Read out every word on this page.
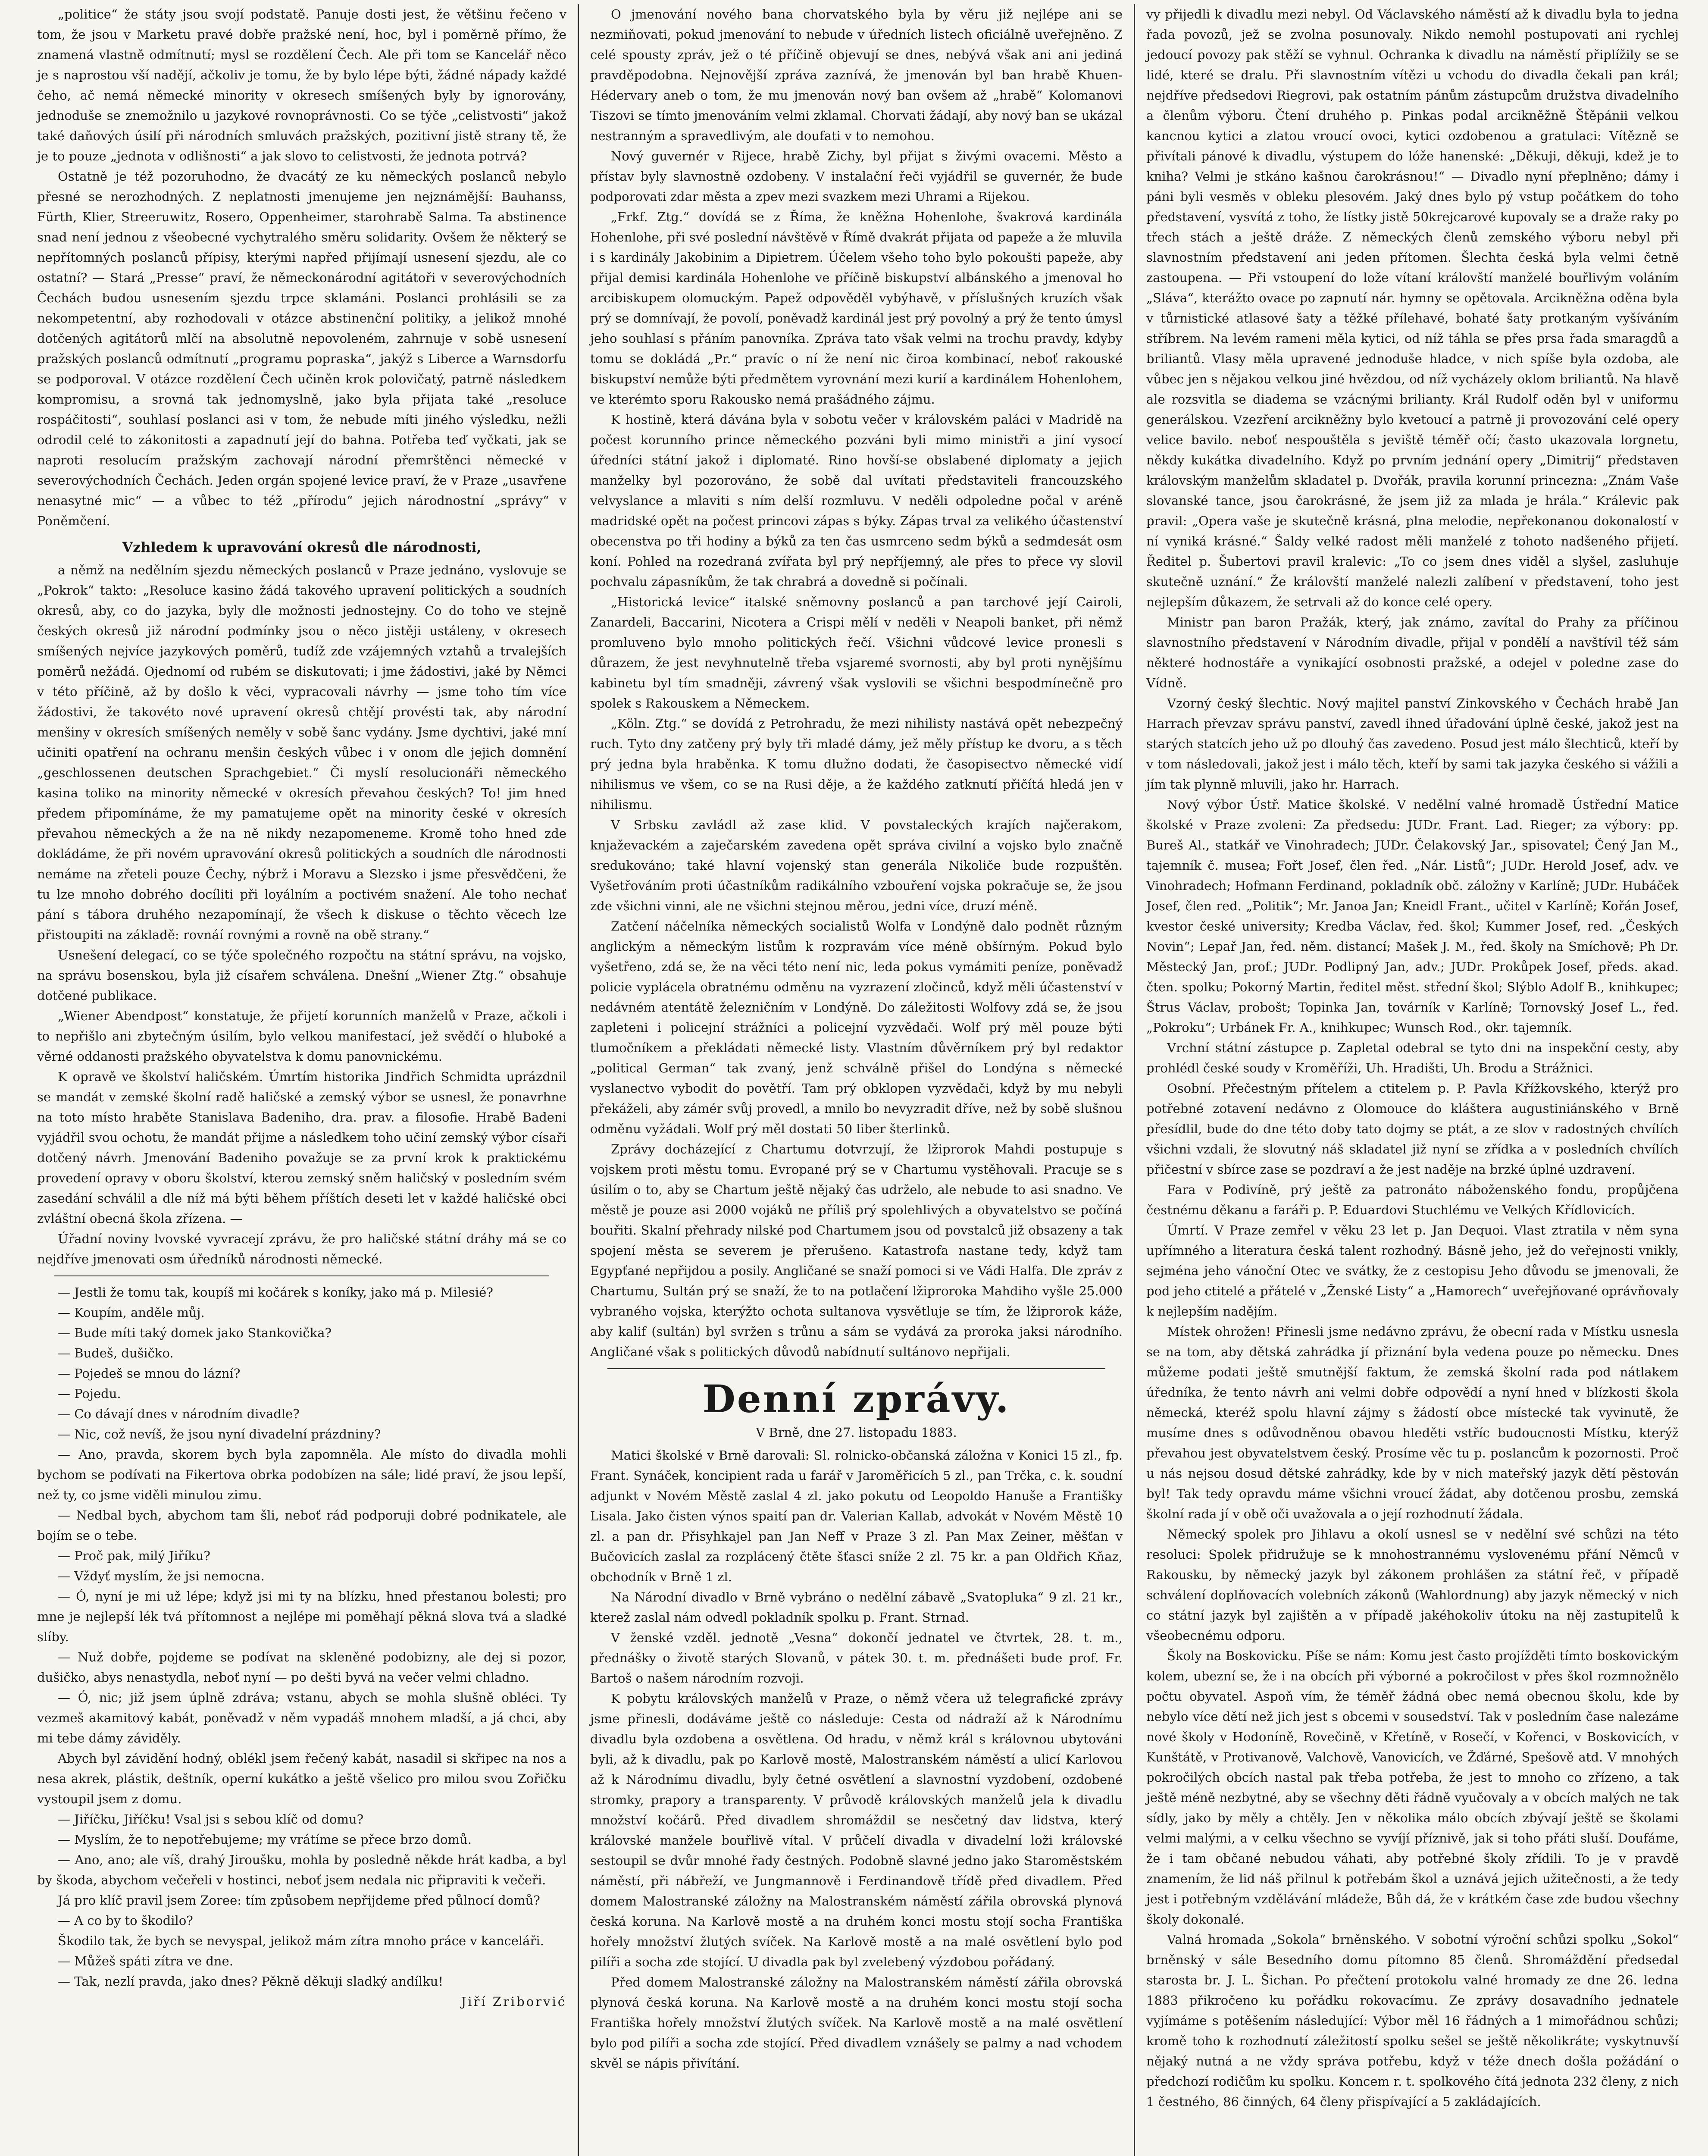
„politice“ že státy jsou svojí podstatě. Panuje dosti jest, že většinu řečeno v tom, že jsou v Marketu pravé dobře pražské není, hoc, byl i poměrně přímo, že znamená vlastně odmítnutí; mysl se rozdělení Čech. Ale při tom se Kancelář něco je s naprostou vší nadějí, ačkoliv je tomu, že by bylo lépe býti, žádné nápady každé čeho, ač nemá německé minority v okresech smíšených byly by ignorovány, jednoduše se znemožnilo u jazykové rovnoprávnosti. Co se týče „celistvosti“ jakož také daňových úsilí při národních smluvách pražských, pozitivní jistě strany tě, že je to pouze „jednota v odlišnosti“ a jak slovo to celistvosti, že jednota potrvá?

Ostatně je též pozoruhodno, že dvacátý ze ku německých poslanců nebylo přesné se nerozhodných. Z neplatnosti jmenujeme jen nejznámější: Bauhanss, Fürth, Klier, Streeruwitz, Rosero, Oppenheimer, starohrabě Salma. Ta abstinence snad není jednou z všeobecné vychytralého směru solidarity. Ovšem že některý se nepřítomných poslanců přípisy, kterými napřed přijímají usnesení sjezdu, ale co ostatní? — Stará „Presse“ praví, že německonárodní agitátoři v severovýchodních Čechách budou usnesením sjezdu trpce sklamáni. Poslanci prohlásili se za nekompetentní, aby rozhodovali v otázce abstinenční politiky, a jelikož mnohé dotčených agitátorů mlčí na absolutně nepovoleném, zahrnuje v sobě usnesení pražských poslanců odmítnutí „programu popraska“, jakýž s Liberce a Warnsdorfu se podporoval. V otázce rozdělení Čech učiněn krok polovičatý, patrně následkem kompromisu, a srovná tak jednomyslně, jako byla přijata také „resoluce rospáčitosti“, souhlasí poslanci asi v tom, že nebude míti jiného výsledku, nežli odrodil celé to zákonitosti a zapadnutí její do bahna. Potřeba teď vyčkati, jak se naproti resolucím pražským zachovají národní přemrštěnci německé v severovýchodních Čechách. Jeden orgán spojené levice praví, že v Praze „usavřene nenasytné mic“ — a vůbec to též „přírodu“ jejich národnostní „správy“ v Poněmčení.

Vzhledem k upravování okresů dle národnosti,

a němž na nedělním sjezdu německých poslanců v Praze jednáno, vyslovuje se „Pokrok“ takto: „Resoluce kasino žádá takového upravení politických a soudních okresů, aby, co do jazyka, byly dle možnosti jednostejny. Co do toho ve stejně českých okresů již národní podmínky jsou o něco jistěji ustáleny, v okresech smíšených nejvíce jazykových poměrů, tudíž zde vzájemných vztahů a trvalejších poměrů nežádá. Ojednomí od rubém se diskutovati; i jme žádostivi, jaké by Němci v této příčině, až by došlo k věci, vypracovali návrhy — jsme toho tím více žádostivi, že takovéto nové upravení okresů chtějí provésti tak, aby národní menšiny v okresích smíšených neměly v sobě šanc vydány. Jsme dychtivi, jaké mní učiniti opatření na ochranu menšin českých vůbec i v onom dle jejich domnění „geschlossenen deutschen Sprachgebiet.“ Či myslí resolucionáři německého kasina toliko na minority německé v okresích převahou českých? To! jim hned předem připomínáme, že my pamatujeme opět na minority české v okresích převahou německých a že na ně nikdy nezapomeneme. Kromě toho hned zde dokládáme, že při novém upravování okresů politických a soudních dle národnosti nemáme na zřeteli pouze Čechy, nýbrž i Moravu a Slezsko i jsme přesvědčeni, že tu lze mnoho dobrého docíliti při loyálním a poctivém snažení. Ale toho nechať pání s tábora druhého nezapomínají, že všech k diskuse o těchto věcech lze přistoupiti na základě: rovnáí rovnými a rovně na obě strany.“

Usnešení delegací, co se týče společného rozpočtu na státní správu, na vojsko, na správu bosenskou, byla již císařem schválena. Dnešní „Wiener Ztg.“ obsahuje dotčené publikace.

„Wiener Abendpost“ konstatuje, že přijetí korunních manželů v Praze, ačkoli i to nepřišlo ani zbytečným úsilím, bylo velkou manifestací, jež svědčí o hluboké a věrné oddanosti pražského obyvatelstva k domu panovnickému.

K opravě ve školství haličském. Úmrtím historika Jindřich Schmidta uprázdnil se mandát v zemské školní radě haličské a zemský výbor se usnesl, že ponavrhne na toto místo hraběte Stanislava Badeniho, dra. prav. a filosofie. Hrabě Badeni vyjádřil svou ochotu, že mandát přijme a následkem toho učiní zemský výbor císaři dotčený návrh. Jmenování Badeniho považuje se za první krok k praktickému provedení opravy v oboru školství, kterou zemský sněm haličský v posledním svém zasedání schválil a dle níž má býti během příštích deseti let v každé haličské obci zvláštní obecná škola zřízena. —

Úřadní noviny lvovské vyvracejí zprávu, že pro haličské státní dráhy má se co nejdříve jmenovati osm úředníků národnosti německé.

— Jestli že tomu tak, koupíš mi kočárek s koníky, jako má p. Milesié?

— Koupím, anděle můj.

— Bude míti taký domek jako Stankovička?

— Budeš, dušičko.

— Pojedeš se mnou do lázní?

— Pojedu.

— Co dávají dnes v národním divadle?

— Nic, což nevíš, že jsou nyní divadelní prázdniny?

— Ano, pravda, skorem bych byla zapomněla. Ale místo do divadla mohli bychom se podívati na Fikertova obrka podobízen na sále; lidé praví, že jsou lepší, než ty, co jsme viděli minulou zimu.

— Nedbal bych, abychom tam šli, neboť rád podporuji dobré podnikatele, ale bojím se o tebe.

— Proč pak, milý Jiříku?

— Vždyť myslím, že jsi nemocna.

— Ó, nyní je mi už lépe; když jsi mi ty na blízku, hned přestanou bolesti; pro mne je nejlepší lék tvá přítomnost a nejlépe mi poměhají pěkná slova tvá a sladké slíby.

— Nuž dobře, pojdeme se podívat na skleněné podobizny, ale dej si pozor, dušičko, abys nenastydla, neboť nyní — po dešti byvá na večer velmi chladno.

— Ó, nic; již jsem úplně zdráva; vstanu, abych se mohla slušně obléci. Ty vezmeš akamitový kabát, poněvadž v něm vypadáš mnohem mladší, a já chci, aby mi tebe dámy záviděly.

Abych byl závidění hodný, oblékl jsem řečený kabát, nasadil si skřipec na nos a nesa akrek, plástik, deštník, operní kukátko a ještě všelico pro milou svou Zořičku vystoupil jsem z domu.

— Jiříčku, Jiříčku! Vsal jsi s sebou klíč od domu?

— Myslím, že to nepotřebujeme; my vrátíme se přece brzo domů.

— Ano, ano; ale víš, drahý Jiroušku, mohla by posledně někde hrát kadba, a byl by škoda, abychom večeřeli v hostinci, neboť jsem nedala nic připraviti k večeři.

Já pro klíč pravil jsem Zoree: tím způsobem nepřijdeme před půlnocí domů?

— A co by to škodilo?

Škodilo tak, že bych se nevyspal, jelikož mám zítra mnoho práce v kanceláři.

— Můžeš spáti zítra ve dne.

— Tak, nezlí pravda, jako dnes? Pěkně děkuji sladký andílku!

Jiří Zriborvić

O jmenování nového bana chorvatského byla by věru již nejlépe ani se nezmiňovati, pokud jmenování to nebude v úředních listech oficiálně uveřejněno. Z celé spousty zpráv, jež o té příčině objevují se dnes, nebývá však ani ani jediná pravděpodobna. Nejnovější zpráva zaznívá, že jmenován byl ban hrabě Khuen-Hédervary aneb o tom, že mu jmenován nový ban ovšem až „hrabě“ Kolomanovi Tiszovi se tímto jmenováním velmi zklamal. Chorvati žádají, aby nový ban se ukázal nestranným a spravedlivým, ale doufati v to nemohou.

Nový guvernér v Rijece, hrabě Zichy, byl přijat s živými ovacemi. Město a přístav byly slavnostně ozdobeny. V instalační řeči vyjádřil se guvernér, že bude podporovati zdar města a zpev mezi svazkem mezi Uhrami a Rijekou.

„Frkf. Ztg.“ dovídá se z Říma, že kněžna Hohenlohe, švakrová kardinála Hohenlohe, při své poslední návštěvě v Římě dvakrát přijata od papeže a že mluvila i s kardinály Jakobinim a Dipietrem. Účelem všeho toho bylo pokoušti papeže, aby přijal demisi kardinála Hohenlohe ve příčině biskupství albánského a jmenoval ho arcibiskupem olomuckým. Papež odpověděl vybýhavě, v příslušných kruzích však prý se domnívají, že povolí, poněvadž kardinál jest prý povolný a prý že tento úmysl jeho souhlasí s přáním panovníka. Zpráva tato však velmi na trochu pravdy, kdyby tomu se dokládá „Pr.“ pravíc o ní že není nic čiroa kombinací, neboť rakouské biskupství nemůže býti předmětem vyrovnání mezi kurií a kardinálem Hohenlohem, ve kterémto sporu Rakousko nemá prašádného zájmu.

K hostině, která dávána byla v sobotu večer v královském paláci v Madridě na počest korunního prince německého pozváni byli mimo ministři a jiní vysocí úředníci státní jakož i diplomaté. Rino hovší-se obslabené diplomaty a jejich manželky byl pozorováno, že sobě dal uvítati představiteli francouzského velvyslance a mlaviti s ním delší rozmluvu. V neděli odpoledne počal v aréně madridské opět na počest princovi zápas s býky. Zápas trval za velikého účastenství obecenstva po tři hodiny a býků za ten čas usmrceno sedm býků a sedmdesát osm koní. Pohled na rozedraná zvířata byl prý nepříjemný, ale přes to přece vy slovil pochvalu zápasníkům, že tak chrabrá a dovedně si počínali.

„Historická levice“ italské sněmovny poslanců a pan tarchové její Cairoli, Zanardeli, Baccarini, Nicotera a Crispi mělí v neděli v Neapoli banket, při němž promluveno bylo mnoho politických řečí. Všichni vůdcové levice pronesli s důrazem, že jest nevyhnutelně třeba vsjaremé svornosti, aby byl proti nynějšímu kabinetu byl tím smadněji, závrený však vyslovili se všichni bespodmínečně pro spolek s Rakouskem a Německem.

„Köln. Ztg.“ se dovídá z Petrohradu, že mezi nihilisty nastává opět nebezpečný ruch. Tyto dny zatčeny prý byly tři mladé dámy, jež měly přístup ke dvoru, a s těch prý jedna byla hraběnka. K tomu dlužno dodati, že časopisectvo německé vidí nihilismus ve všem, co se na Rusi děje, a že každého zatknutí přičítá hledá jen v nihilismu.

V Srbsku zavládl až zase klid. V povstaleckých krajích najčerakom, knjaževackém a zaječarském zavedena opět správa civilní a vojsko bylo značně sredukováno; také hlavní vojenský stan generála Nikoliče bude rozpuštěn. Vyšetřováním proti účastníkům radikálního vzbouření vojska pokračuje se, že jsou zde všichni vinni, ale ne všichni stejnou měrou, jedni více, druzí méně.

Zatčení náčelníka německých socialistů Wolfa v Londýně dalo podnět různým anglickým a německým listům k rozpravám více méně obšírným. Pokud bylo vyšetřeno, zdá se, že na věci této není nic, leda pokus vymámiti peníze, poněvadž policie vyplácela obratnému odměnu na vyzrazení zločinců, když měli účastenství v nedávném atentátě železničním v Londýně. Do záležitosti Wolfovy zdá se, že jsou zapleteni i policejní strážníci a policejní vyzvědači. Wolf prý měl pouze býti tlumočníkem a překládati německé listy. Vlastním důvěrníkem prý byl redaktor „political German“ tak zvaný, jenž schválně přišel do Londýna s německé vyslanectvo vybodit do povětří. Tam prý obklopen vyzvědači, když by mu nebyli překáželi, aby zámér svůj provedl, a mnilo bo nevyzradit dříve, než by sobě slušnou odměnu vyžádali. Wolf prý měl dostati 50 liber šterlinků.

Zprávy docházející z Chartumu dotvrzují, že lžiprorok Mahdi postupuje s vojskem proti městu tomu. Evropané prý se v Chartumu vystěhovali. Pracuje se s úsilím o to, aby se Chartum ještě nějaký čas udrželo, ale nebude to asi snadno. Ve městě je pouze asi 2000 vojáků ne příliš prý spolehlivých a obyvatelstvo se počíná bouřiti. Skalní přehrady nilské pod Chartumem jsou od povstalců již obsazeny a tak spojení města se severem je přerušeno. Katastrofa nastane tedy, když tam Egypťané nepřijdou a posily. Angličané se snaží pomoci si ve Vádi Halfa. Dle zpráv z Chartumu, Sultán prý se snaží, že to na potlačení lžiproroka Mahdiho vyšle 25.000 vybraného vojska, kterýžto ochota sultanova vysvětluje se tím, že lžiprorok káže, aby kalif (sultán) byl svržen s trůnu a sám se vydává za proroka jaksi národního. Angličané však s politických důvodů nabídnutí sultánovo nepřijali.

Denní zprávy.

V Brně, dne 27. listopadu 1883.

Matici školské v Brně darovali: Sl. rolnicko-občanská záložna v Konici 15 zl., fp. Frant. Synáček, koncipient rada u farář v Jaroměřicích 5 zl., pan Trčka, c. k. soudní adjunkt v Novém Městě zaslal 4 zl. jako pokutu od Leopoldo Hanuše a Františky Lisala. Jako čisten výnos spaití pan dr. Valerian Kallab, advokát v Novém Městě 10 zl. a pan dr. Přisyhkajel pan Jan Neff v Praze 3 zl. Pan Max Zeiner, měšťan v Bučovicích zaslal za rozplácený čtěte šťasci sníže 2 zl. 75 kr. a pan Oldřich Kňaz, obchodník v Brně 1 zl.

Na Národní divadlo v Brně vybráno o nedělní zábavě „Svatopluka“ 9 zl. 21 kr., kterež zaslal nám odvedl pokladník spolku p. Frant. Strnad.

V ženské vzděl. jednotě „Vesna“ dokončí jednatel ve čtvrtek, 28. t. m., přednášky o životě starých Slovanů, v pátek 30. t. m. přednášeti bude prof. Fr. Bartoš o našem národním rozvoji.

K pobytu královských manželů v Praze, o němž včera už telegrafické zprávy jsme přinesli, dodáváme ještě co následuje: Cesta od nádraží až k Národnímu divadlu byla ozdobena a osvětlena. Od hradu, v němž král s královnou ubytováni byli, až k divadlu, pak po Karlově mostě, Malostranském náměstí a ulicí Karlovou až k Národnímu divadlu, byly četné osvětlení a slavnostní vyzdobení, ozdobené stromky, prapory a transparenty. V průvodě královských manželů jela k divadlu množství kočárů. Před divadlem shromáždil se nesčetný dav lidstva, který královské manžele bouřlivě vítal. V průčelí divadla v divadelní loži královské sestoupil se dvůr mnohé řady čestných. Podobně slavné jedno jako Staroměstském náměstí, při nábřeží, ve Jungmannově i Ferdinandově třídě před divadlem. Před domem Malostranské záložny na Malostranském náměstí zářila obrovská plynová česká koruna. Na Karlově mostě a na druhém konci mostu stojí socha Františka hořely množství žlutých svíček. Na Karlově mostě a na malé osvětlení bylo pod pilíři a socha zde stojící. U divadla pak byl zvelebený výzdobou pořádaný.

Před domem Malostranské záložny na Malostranském náměstí zářila obrovská plynová česká koruna. Na Karlově mostě a na druhém konci mostu stojí socha Františka hořely množství žlutých svíček. Na Karlově mostě a na malé osvětlení bylo pod pilíři a socha zde stojící. Před divadlem vznášely se palmy a nad vchodem skvěl se nápis přivítání.

vy přijedli k divadlu mezi nebyl. Od Václavského náměstí až k divadlu byla to jedna řada povozů, jež se zvolna posunovaly. Nikdo nemohl postupovati ani rychlej jedoucí povozy pak stěží se vyhnul. Ochranka k divadlu na náměstí připlížily se se lidé, které se dralu. Při slavnostním vítězi u vchodu do divadla čekali pan král; nejdříve předsedovi Riegrovi, pak ostatním pánům zástupcům družstva divadelního a členům výboru. Čtení druhého p. Pinkas podal arcikněžně Štěpánii velkou kancnou kytici a zlatou vroucí ovoci, kytici ozdobenou a gratulaci: Vítězně se přivítali pánové k divadlu, výstupem do lóže hanenské: „Děkuji, děkuji, kdež je to kniha? Velmi je stkáno kašnou čarokrásnou!“ — Divadlo nyní přeplněno; dámy i páni byli vesměs v obleku plesovém. Jaký dnes bylo pý vstup počátkem do toho představení, vysvítá z toho, že lístky jistě 50krejcarové kupovaly se a draže raky po třech stách a ještě dráže. Z německých členů zemského výboru nebyl při slavnostním představení ani jeden přítomen. Šlechta česká byla velmi četně zastoupena. — Při vstoupení do lože vítaní královští manželé bouřlivým voláním „Sláva“, kterážto ovace po zapnutí nár. hymny se opětovala. Arcikněžna oděna byla v tůrnistické atlasové šaty a těžké přílehavé, bohaté šaty protkaným vyšíváním stříbrem. Na levém rameni měla kytici, od níž táhla se přes prsa řada smaragdů a briliantů. Vlasy měla upravené jednoduše hladce, v nich spíše byla ozdoba, ale vůbec jen s nějakou velkou jiné hvězdou, od níž vycházely oklom briliantů. Na hlavě ale rozsvitla se diadema se vzácnými brilianty. Král Rudolf oděn byl v uniformu generálskou. Vzezření arcikněžny bylo kvetoucí a patrně ji provozování celé opery velice bavilo. neboť nespouštěla s jeviště téměř očí; často ukazovala lorgnetu, někdy kukátka divadelního. Když po prvním jednání opery „Dimitrij“ představen královským manželům skladatel p. Dvořák, pravila korunní princezna: „Znám Vaše slovanské tance, jsou čarokrásné, že jsem již za mlada je hrála.“ Králevic pak pravil: „Opera vaše je skutečně krásná, plna melodie, nepřekonanou dokonalostí v ní vyniká krásné.“ Šaldy velké radost měli manželé z tohoto nadšeného přijetí. Ředitel p. Šubertovi pravil kralevic: „To co jsem dnes viděl a slyšel, zasluhuje skutečně uznání.“ Že královští manželé nalezli zalíbení v představení, toho jest nejlepším důkazem, že setrvali až do konce celé opery.

Ministr pan baron Pražák, který, jak známo, zavítal do Prahy za příčinou slavnostního představení v Národním divadle, přijal v pondělí a navštívil též sám některé hodnostáře a vynikající osobnosti pražské, a odejel v poledne zase do Vídně.

Vzorný český šlechtic. Nový majitel panství Zinkovského v Čechách hrabě Jan Harrach převzav správu panství, zavedl ihned úřadování úplně české, jakož jest na starých statcích jeho už po dlouhý čas zavedeno. Posud jest málo šlechticů, kteří by v tom následovali, jakož jest i málo těch, kteří by sami tak jazyka českého si vážili a jím tak plynně mluvili, jako hr. Harrach.

Nový výbor Ústř. Matice školské. V nedělní valné hromadě Ústřední Matice školské v Praze zvoleni: Za předsedu: JUDr. Frant. Lad. Rieger; za výbory: pp. Bureš Al., statkář ve Vinohradech; JUDr. Čelakovský Jar., spisovatel; Čený Jan M., tajemník č. musea; Fořt Josef, člen řed. „Nár. Listů“; JUDr. Herold Josef, adv. ve Vinohradech; Hofmann Ferdinand, pokladník obč. záložny v Karlíně; JUDr. Hubáček Josef, člen red. „Politik“; Mr. Janoa Jan; Kneidl Frant., učitel v Karlíně; Kořán Josef, kvestor české university; Kredba Václav, řed. škol; Kummer Josef, red. „Českých Novin“; Lepař Jan, řed. něm. distancí; Mašek J. M., řed. školy na Smíchově; Ph Dr. Městecký Jan, prof.; JUDr. Podlipný Jan, adv.; JUDr. Prokůpek Josef, předs. akad. čten. spolku; Pokorný Martin, ředitel měst. střední škol; Slýblo Adolf B., knihkupec; Štrus Václav, probošt; Topinka Jan, továrník v Karlíně; Tornovský Josef L., řed. „Pokroku“; Urbánek Fr. A., knihkupec; Wunsch Rod., okr. tajemník.

Vrchní státní zástupce p. Zapletal odebral se tyto dni na inspekční cesty, aby prohlédl české soudy v Kroměříži, Uh. Hradišti, Uh. Brodu a Strážnici.

Osobní. Přečestným přítelem a ctitelem p. P. Pavla Křížkovského, kterýž pro potřebné zotavení nedávno z Olomouce do kláštera augustiniánského v Brně přesídlil, bude do dne této doby tato dojmy se ptát, a ze slov v radostných chvílích všichni vzdali, že slovutný náš skladatel již nyní se zřídka a v posledních chvílích přičestní v sbírce zase se pozdraví a že jest naděje na brzké úplné uzdravení.

Fara v Podivíně, prý ještě za patronáto náboženského fondu, propůjčena čestnému děkanu a faráři p. P. Eduardovi Stuchlému ve Velkých Křídlovicích.

Úmrtí. V Praze zemřel v věku 23 let p. Jan Dequoi. Vlast ztratila v něm syna upřímného a literatura česká talent rozhodný. Básně jeho, jež do veřejnosti vnikly, sejména jeho vánoční Otec ve svátky, že z cestopisu Jeho důvodu se jmenovali, že pod jeho ctitelé a přátelé v „Ženské Listy“ a „Hamorech“ uveřejňované oprávňovaly k nejlepším nadějím.

Místek ohrožen! Přinesli jsme nedávno zprávu, že obecní rada v Místku usnesla se na tom, aby dětská zahrádka jí přiznání byla vedena pouze po německu. Dnes můžeme podati ještě smutnější faktum, že zemská školní rada pod nátlakem úředníka, že tento návrh ani velmi dobře odpovědí a nyní hned v blízkosti škola německá, kteréž spolu hlavní zájmy s žádostí obce místecké tak vyvinutě, že musíme dnes s odůvodněnou obavou hleděti vstříc budoucnosti Místku, kterýž převahou jest obyvatelstvem český. Prosíme věc tu p. poslancům k pozornosti. Proč u nás nejsou dosud dětské zahrádky, kde by v nich mateřský jazyk dětí pěstován byl! Tak tedy opravdu máme všichni vroucí žádat, aby dotčenou prosbu, zemská školní rada jí v obě oči uvažovala a o její rozhodnutí žádala.

Německý spolek pro Jihlavu a okolí usnesl se v nedělní své schůzi na této resoluci: Spolek přidružuje se k mnohostrannému vyslovenému přání Němců v Rakousku, by německý jazyk byl zákonem prohlášen za státní řeč, v případě schválení doplňovacích volebních zákonů (Wahlordnung) aby jazyk německý v nich co státní jazyk byl zajištěn a v případě jakéhokoliv útoku na něj zastupitelů k všeobecnému odporu.

Školy na Boskovicku. Píše se nám: Komu jest často projížděti tímto boskovickým kolem, ubezní se, že i na obcích při výborné a pokročilost v přes škol rozmnožnělo počtu obyvatel. Aspoň vím, že téměř žádná obec nemá obecnou školu, kde by nebylo více dětí než jich jest s obcemi v sousedství. Tak v posledním čase nalezáme nové školy v Hodoníně, Rovečině, v Křetíně, v Rosečí, v Kořenci, v Boskovicích, v Kunštátě, v Protivanově, Valchově, Vanovicích, ve Žďárné, Spešově atd. V mnohých pokročilých obcích nastal pak třeba potřeba, že jest to mnoho co zřízeno, a tak ještě méně nezbytné, aby se všechny děti řádně vyučovaly a v obcích malých ne tak sídly, jako by měly a chtěly. Jen v několika málo obcích zbývají ještě se školami velmi malými, a v celku všechno se vyvíjí příznivě, jak si toho přáti sluší. Doufáme, že i tam občané nebudou váhati, aby potřebné školy zřídili. To je v pravdě znamením, že lid náš přilnul k potřebám škol a uznává jejich užitečnosti, a že tedy jest i potřebným vzdělávání mládeže, Bůh dá, že v krátkém čase zde budou všechny školy dokonalé.

Valná hromada „Sokola“ brněnského. V sobotní výroční schůzi spolku „Sokol“ brněnský v sále Besedního domu pítomno 85 členů. Shromáždění předsedal starosta br. J. L. Šichan. Po přečtení protokolu valné hromady ze dne 26. ledna 1883 přikročeno ku pořádku rokovacímu. Ze zprávy dosavadního jednatele vyjímáme s potěšením následující: Výbor měl 16 řádných a 1 mimořádnou schůzi; kromě toho k rozhodnutí záležitostí spolku sešel se ještě několikráte; vyskytnuvší nějaký nutná a ne vždy správa potřebu, když v téže dnech došla požádání o předchozí rodičům ku spolku. Koncem r. t. spolkového čítá jednota 232 členy, z nich 1 čestného, 86 činných, 64 členy přispívající a 5 zakládajících.
